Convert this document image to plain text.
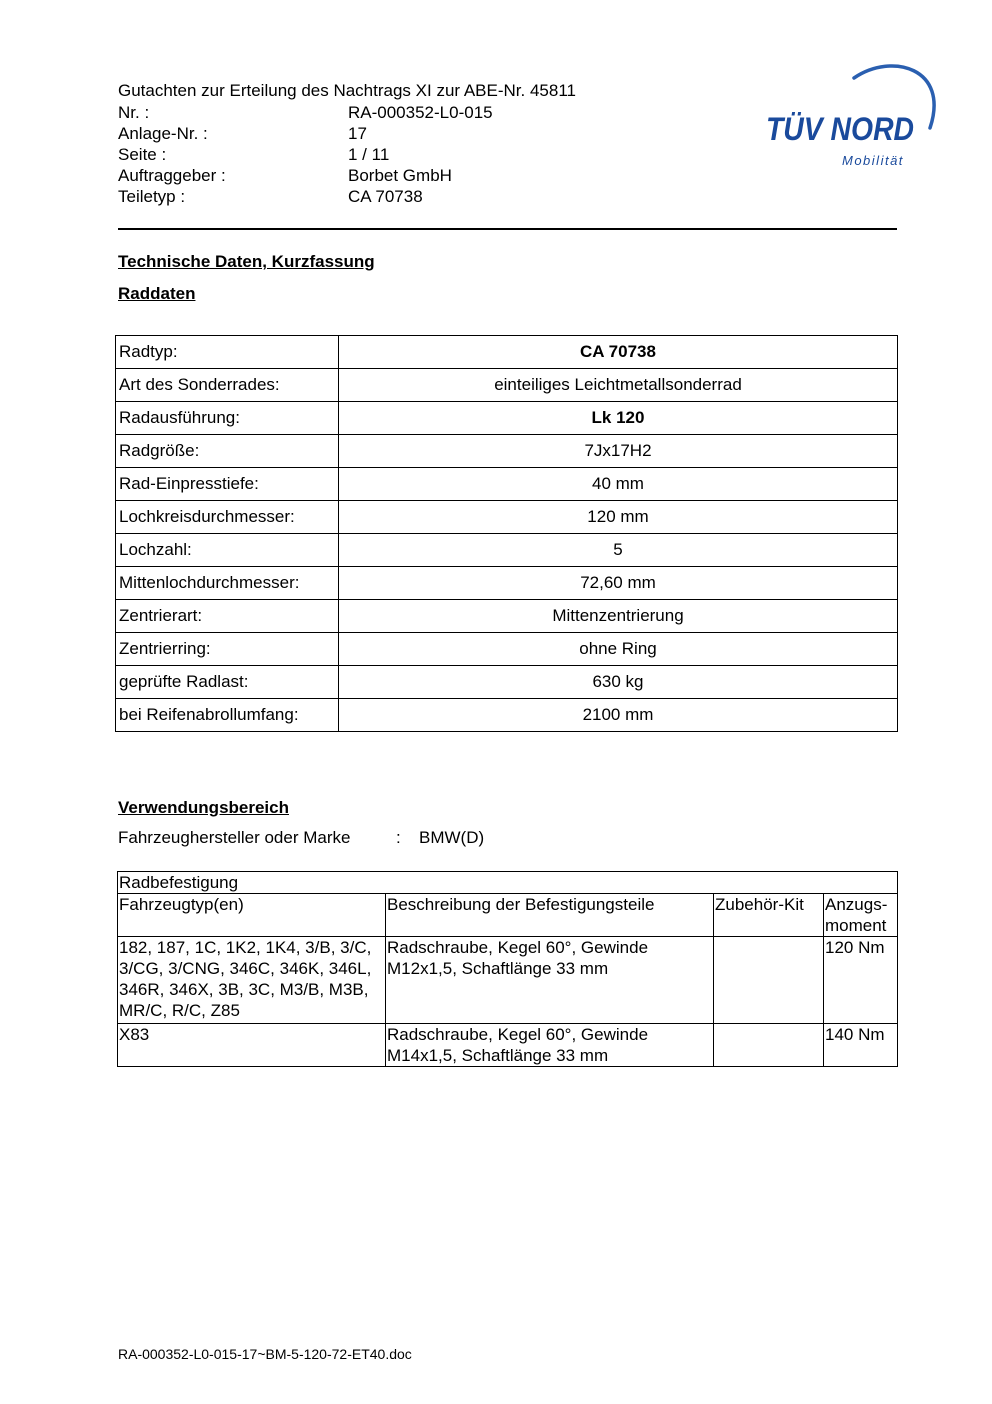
Gutachten zur Erteilung des Nachtrags XI zur ABE-Nr. 45811
Nr. :	RA-000352-L0-015
Anlage-Nr. :	17
Seite :	1 / 11
Auftraggeber :	Borbet GmbH
Teiletyp :	CA 70738
TÜV NORD
Mobilität
Technische Daten, Kurzfassung
Raddaten
Radtyp:	CA 70738
Art des Sonderrades:	einteiliges Leichtmetallsonderrad
Radausführung:	Lk 120
Radgröße:	7Jx17H2
Rad-Einpresstiefe:	40 mm
Lochkreisdurchmesser:	120 mm
Lochzahl:	5
Mittenlochdurchmesser:	72,60 mm
Zentrierart:	Mittenzentrierung
Zentrierring:	ohne Ring
geprüfte Radlast:	630 kg
bei Reifenabrollumfang:	2100 mm
Verwendungsbereich
Fahrzeughersteller oder Marke	: BMW(D)
Radbefestigung			
Fahrzeugtyp(en)	Beschreibung der Befestigungsteile	Zubehör-Kit	Anzugs-
moment
182, 187, 1C, 1K2, 1K4, 3/B, 3/C, 3/CG, 3/CNG, 346C, 346K, 346L, 346R, 346X, 3B, 3C, M3/B, M3B, MR/C, R/C, Z85	Radschraube, Kegel 60°, Gewinde M12x1,5, Schaftlänge 33 mm		120 Nm
X83	Radschraube, Kegel 60°, Gewinde M14x1,5, Schaftlänge 33 mm		140 Nm
RA-000352-L0-015-17~BM-5-120-72-ET40.doc
